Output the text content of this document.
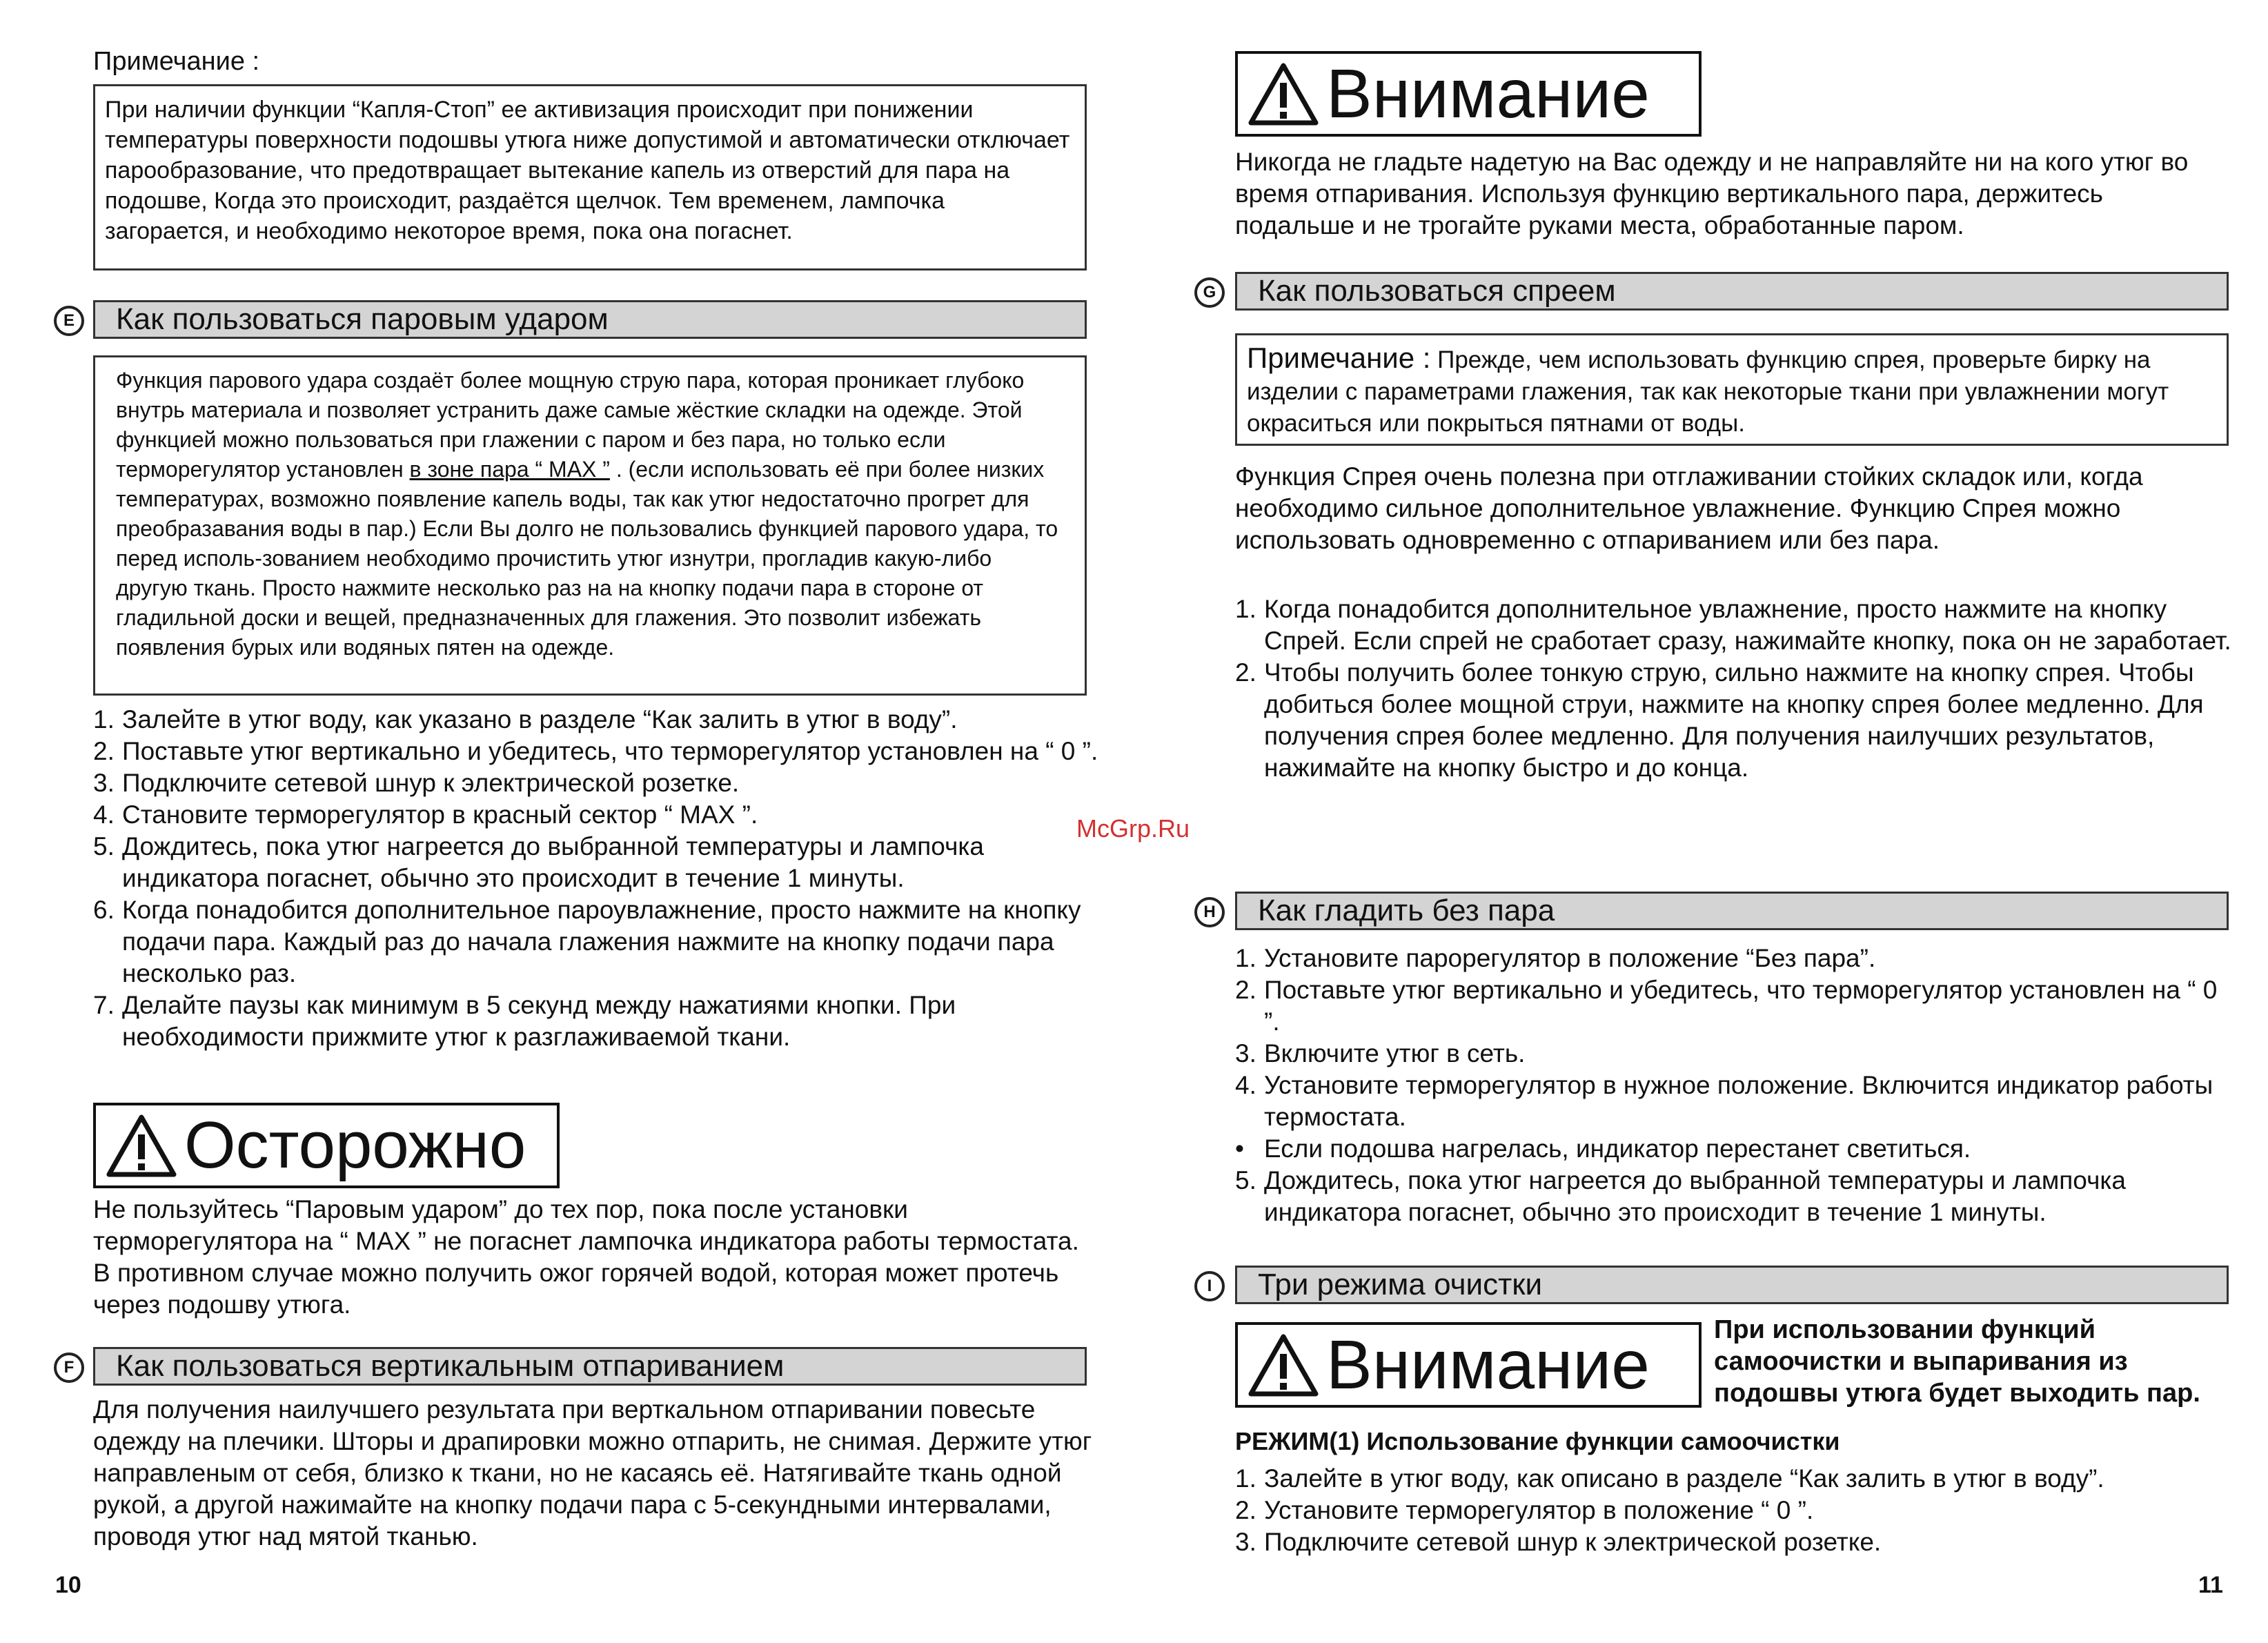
Примечание :
При наличии функции “Капля-Стоп” ее активизация происходит при понижении температуры поверхности подошвы утюга ниже допустимой и автоматически отключает парообразование, что предотвращает вытекание капель из отверстий для пара на подошве, Когда это происходит, раздаётся щелчок. Тем временем, лампочка загорается, и необходимо некоторое время, пока она погаснет.
E	Как пользоваться паровым ударом
Функция парового удара создаёт более мощную струю пара, которая проникает глубоко внутрь материала и позволяет устранить даже самые жёсткие складки на одежде. Этой функцией можно пользоваться при глажении с паром и без пара, но только если терморегулятор установлен в зоне пара “ MAX ” . (если использовать её при более низких температурах, возможно появление капель воды, так как утюг недостаточно прогрет для преобразавания воды в пар.) Если Вы долго не пользовались функцией парового удара, то перед исполь-зованием необходимо прочистить утюг изнутри, прогладив какую-либо другую ткань. Просто нажмите несколько раз на на кнопку подачи пара в стороне от гладильной доски и вещей, предназначенных для глажения. Это позволит избежать появления бурых или водяных пятен на одежде.
1. Залейте в утюг воду, как указано в разделе “Как залить в утюг в воду”.
2. Поставьте утюг вертикально и убедитесь, что терморегулятор установлен на “ 0 ”.
3. Подключите сетевой шнур к электрической розетке.
4. Становите терморегулятор в красный сектор “ MAX ”.
5. Дождитесь, пока утюг нагреется до выбранной температуры и лампочка индикатора погаснет, обычно это происходит в течение 1 минуты.
6. Когда понадобится дополнительное пароувлажнение, просто нажмите на кнопку подачи пара. Каждый раз до начала глажения нажмите на кнопку подачи пара несколько раз.
7. Делайте паузы как минимум в 5 секунд между нажатиями кнопки. При необходимости прижмите утюг к разглаживаемой ткани.
Осторожно
Не пользуйтесь “Паровым ударом” до тех пор, пока после установки терморегулятора на “ MAX ” не погаснет лампочка индикатора работы термостата. В противном случае можно получить ожог горячей водой, которая может протечь через подошву утюга.
F	Как пользоваться вертикальным отпариванием
Для получения наилучшего результата при верткальном отпаривании повесьте одежду на плечики. Шторы и драпировки можно отпарить, не снимая. Держите утюг направленым от себя, близко к ткани, но не касаясь её. Натягивайте ткань одной рукой, а другой нажимайте на кнопку подачи пара с 5-секундными интервалами, проводя утюг над мятой тканью.
10
McGrp.Ru
Внимание
Никогда не гладьте надетую на Вас одежду и не направляйте ни на кого утюг во время отпаривания. Используя функцию вертикального пара, держитесь подальше и не трогайте руками места, обработанные паром.
G	Как пользоваться спреем
Примечание : Прежде, чем использовать функцию спрея, проверьте бирку на изделии с параметрами глажения, так как некоторые ткани при увлажнении могут окраситься или покрыться пятнами от воды.
Функция Спрея очень полезна при отглаживании стойких складок или, когда необходимо сильное дополнительное увлажнение. Функцию Спрея можно использовать одновременно с отпариванием или без пара.
1. Когда понадобится дополнительное увлажнение, просто нажмите на кнопку Спрей. Если спрей не сработает сразу, нажимайте кнопку, пока он не заработает.
2. Чтобы получить более тонкую струю, сильно нажмите на кнопку спрея. Чтобы добиться более мощной струи, нажмите на кнопку спрея более медленно. Для получения спрея более медленно. Для получения наилучших результатов, нажимайте на кнопку быстро и до конца.
H	Как гладить без пара
1. Установите парорегулятор в положение “Без пара”.
2. Поставьте утюг вертикально и убедитесь, что терморегулятор установлен на “ 0 ”.
3. Включите утюг в сеть.
4. Установите терморегулятор в нужное положение. Включится индикатор работы термостата.
• Если подошва нагрелась, индикатор перестанет светиться.
5. Дождитесь, пока утюг нагреется до выбранной температуры и лампочка индикатора погаснет, обычно это происходит в течение 1 минуты.
I	Три режима очистки
Внимание При использовании функций самоочистки и выпаривания из подошвы утюга будет выходить пар.
РЕЖИМ(1) Использование функции самоочистки
1. Залейте в утюг воду, как описано в разделе “Как залить в утюг в воду”.
2. Установите терморегулятор в положение “ 0 ”.
3. Подключите сетевой шнур к электрической розетке.
11
